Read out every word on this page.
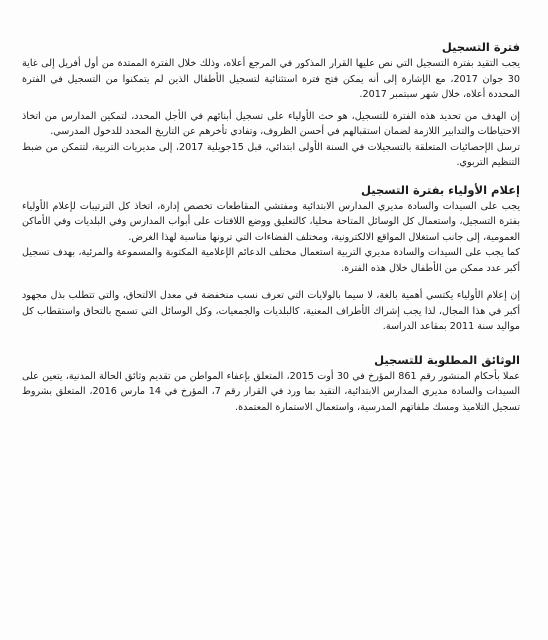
فترة التسجيل

يجب التقيد بفترة التسجيل التي نص عليها القرار المذكور في المرجع أعلاه، وذلك خلال الفترة الممتدة من أول أفريل إلى غاية 30 جوان 2017، مع الإشارة إلى أنه يمكن فتح فترة استثنائية لتسجيل الأطفال الذين لم يتمكنوا من التسجيل في الفترة المحددة أعلاه، خلال شهر سبتمبر 2017.

إن الهدف من تحديد هذه الفترة للتسجيل، هو حث الأولياء على تسجيل أبنائهم في الأجل المحدد، لتمكين المدارس من اتخاذ الاحتياطات والتدابير اللازمة لضمان استقبالهم في أحسن الظروف، وتفادي تأخرهم عن التاريخ المحدد للدخول المدرسي.

ترسل الإحصائيات المتعلقة بالتسجيلات في السنة الأولى ابتدائي، قبل 15جويلية 2017، إلى مديريات التربية، لتتمكن من ضبط التنظيم التربوي.

إعلام الأولياء بفترة التسجيل

يجب على السيدات والسادة مديري المدارس الابتدائية ومفتشي المقاطعات تخصص إدارة، اتخاذ كل الترتيبات لإعلام الأولياء بفترة التسجيل، واستعمال كل الوسائل المتاحة محليا، كالتعليق ووضع اللافتات على أبواب المدارس وفي البلديات وفي الأماكن العمومية، إلى جانب استغلال المواقع الالكترونية، ومختلف الفضاءات التي ترونها مناسبة لهذا الغرض.

كما يجب على السيدات والسادة مديري التربية استعمال مختلف الدعائم الإعلامية المكتوبة والمسموعة والمرئية، بهدف تسجيل أكبر عدد ممكن من الأطفال خلال هذه الفترة.

إن إعلام الأولياء يكتسي أهمية بالغة، لا سيما بالولايات التي تعرف نسب منخفضة في معدل الالتحاق، والتي تتطلب بذل مجهود أكبر في هذا المجال، لذا يجب إشراك الأطراف المعنية، كالبلديات والجمعيات، وكل الوسائل التي تسمح بالتحاق واستقطاب كل مواليد سنة 2011 بمقاعد الدراسة.

الوثائق المطلوبة للتسجيل

عملا بأحكام المنشور رقم 861 المؤرخ في 30 أوت 2015، المتعلق بإعفاء المواطن من تقديم وثائق الحالة المدنية، يتعين على السيدات والسادة مديري المدارس الابتدائية، التقيد بما ورد في القرار رقم 7، المؤرخ في 14 مارس 2016، المتعلق بشروط تسجيل التلاميذ ومسك ملفاتهم المدرسية، واستعمال الاستمارة المعتمدة.
